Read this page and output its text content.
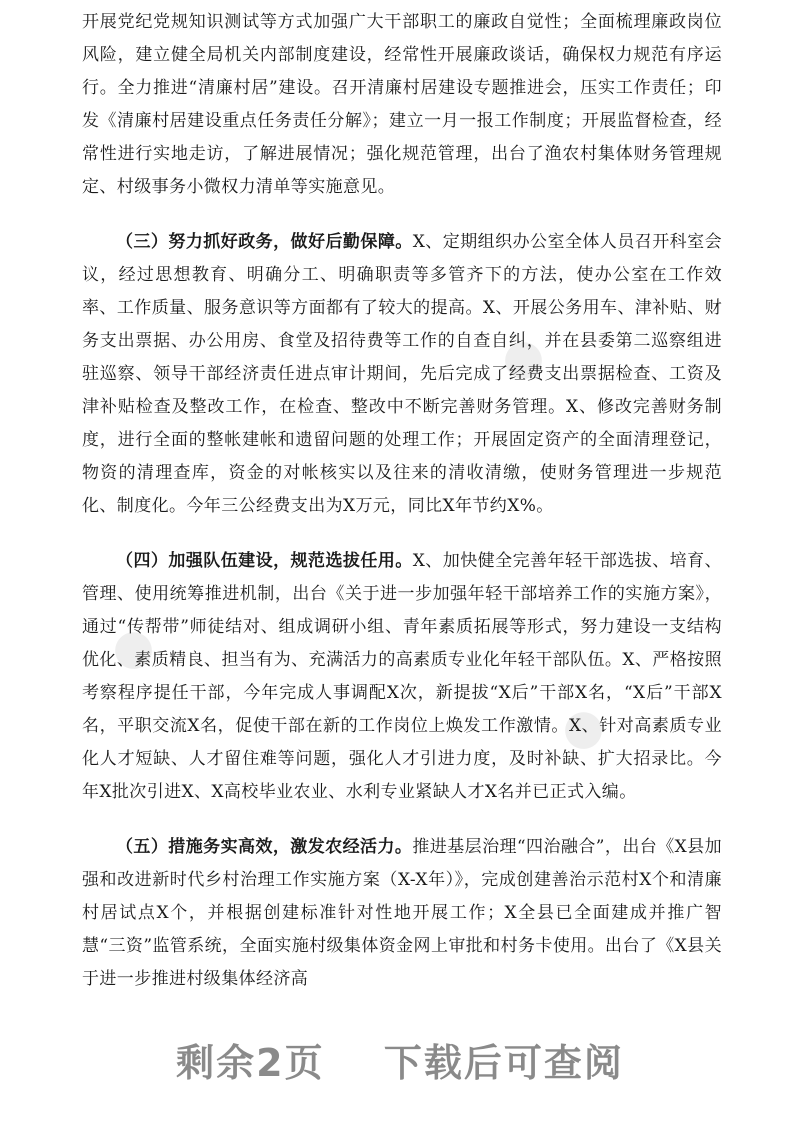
●
●
●

开展党纪党规知识测试等方式加强广大干部职工的廉政自觉性；全面梳理廉政岗位风险，建立健全局机关内部制度建设，经常性开展廉政谈话，确保权力规范有序运行。全力推进“清廉村居”建设。召开清廉村居建设专题推进会，压实工作责任；印发《清廉村居建设重点任务责任分解》；建立一月一报工作制度；开展监督检查，经常性进行实地走访，了解进展情况；强化规范管理，出台了渔农村集体财务管理规定、村级事务小微权力清单等实施意见。

（三）努力抓好政务，做好后勤保障。X、定期组织办公室全体人员召开科室会议，经过思想教育、明确分工、明确职责等多管齐下的方法，使办公室在工作效率、工作质量、服务意识等方面都有了较大的提高。X、开展公务用车、津补贴、财务支出票据、办公用房、食堂及招待费等工作的自查自纠，并在县委第二巡察组进驻巡察、领导干部经济责任进点审计期间，先后完成了经费支出票据检查、工资及津补贴检查及整改工作，在检查、整改中不断完善财务管理。X、修改完善财务制度，进行全面的整帐建帐和遗留问题的处理工作；开展固定资产的全面清理登记，物资的清理查库，资金的对帐核实以及往来的清收清缴，使财务管理进一步规范化、制度化。今年三公经费支出为X万元，同比X年节约X%。

（四）加强队伍建设，规范选拔任用。X、加快健全完善年轻干部选拔、培育、管理、使用统筹推进机制，出台《关于进一步加强年轻干部培养工作的实施方案》，通过“传帮带”师徒结对、组成调研小组、青年素质拓展等形式，努力建设一支结构优化、素质精良、担当有为、充满活力的高素质专业化年轻干部队伍。X、严格按照考察程序提任干部，今年完成人事调配X次，新提拔“X后”干部X名，“X后”干部X名，平职交流X名，促使干部在新的工作岗位上焕发工作激情。X、针对高素质专业化人才短缺、人才留住难等问题，强化人才引进力度，及时补缺、扩大招录比。今年X批次引进X、X高校毕业农业、水利专业紧缺人才X名并已正式入编。

（五）措施务实高效，激发农经活力。推进基层治理“四治融合”，出台《X县加强和改进新时代乡村治理工作实施方案（X-X年）》，完成创建善治示范村X个和清廉村居试点X个，并根据创建标准针对性地开展工作；X全县已全面建成并推广智慧“三资”监管系统，全面实施村级集体资金网上审批和村务卡使用。出台了《X县关于进一步推进村级集体经济高

剩余2页 下载后可查阅
